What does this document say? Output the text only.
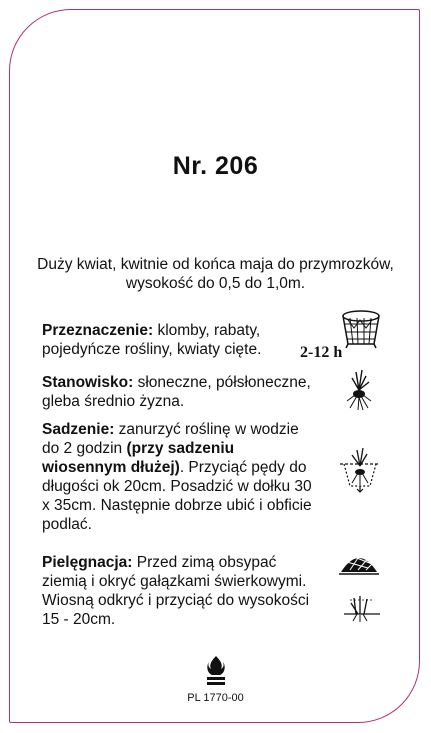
Nr. 206
Duży kwiat, kwitnie od końca maja do przymrozków, wysokość do 0,5 do 1,0m.
Przeznaczenie: klomby, rabaty, pojedyńcze rośliny, kwiaty cięte.
Stanowisko: słoneczne, półsłoneczne, gleba średnio żyzna.
Sadzenie: zanurzyć roślinę w wodzie do 2 godzin (przy sadzeniu wiosennym dłużej). Przyciąć pędy do długości ok 20cm. Posadzić w dołku 30 x 35cm. Następnie dobrze ubić i obficie podlać.
Pielęgnacja: Przed zimą obsypać ziemią i okryć gałązkami świerkowymi. Wiosną odkryć i przyciąć do wysokości 15 - 20cm.
2-12 h
PL 1770-00
